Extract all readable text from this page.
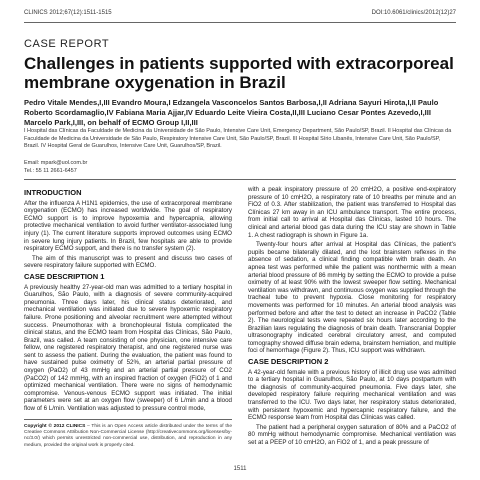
CLINICS 2012;67(12):1511-1515	DOI:10.6061/clinics/2012(12)27
CASE REPORT
Challenges in patients supported with extracorporeal membrane oxygenation in Brazil

Pedro Vitale Mendes,I,III Evandro Moura,I Edzangela Vasconcelos Santos Barbosa,I,II Adriana Sayuri Hirota,I,II Paulo Roberto Scordamaglio,IV Fabiana Maria Ajjar,IV Eduardo Leite Vieira Costa,II,III Luciano Cesar Pontes Azevedo,I,III Marcelo Park,I,III, on behalf of ECMO Group I,II,III

I Hospital das Clínicas da Faculdade de Medicina da Universidade de São Paulo, Intensive Care Unit, Emergency Department, São Paulo/SP, Brazil. II Hospital das Clínicas da Faculdade de Medicina da Universidade de São Paulo, Respiratory Intensive Care Unit, São Paulo/SP, Brazil. III Hospital Sírio Libanês, Intensive Care Unit, São Paulo/SP, Brazil. IV Hospital Geral de Guarulhos, Intensive Care Unit, Guarulhos/SP, Brazil.

Email: mpark@uol.com.br
Tel.: 55 11 2661-6457
INTRODUCTION

After the influenza A H1N1 epidemics, the use of extracorporeal membrane oxygenation (ECMO) has increased worldwide. The goal of respiratory ECMO support is to improve hypoxemia and hypercapnia, allowing protective mechanical ventilation to avoid further ventilator-associated lung injury (1). The current literature supports improved outcomes using ECMO in severe lung injury patients. In Brazil, few hospitals are able to provide respiratory ECMO support, and there is no transfer system (2).

The aim of this manuscript was to present and discuss two cases of severe respiratory failure supported with ECMO.

CASE DESCRIPTION 1

A previously healthy 27-year-old man was admitted to a tertiary hospital in Guarulhos, São Paulo, with a diagnosis of severe community-acquired pneumonia. Three days later, his clinical status deteriorated, and mechanical ventilation was initiated due to severe hypoxemic respiratory failure. Prone positioning and alveolar recruitment were attempted without success. Pneumothorax with a bronchopleural fistula complicated the clinical status, and the ECMO team from Hospital das Clínicas, São Paulo, Brazil, was called. A team consisting of one physician, one intensive care fellow, one registered respiratory therapist, and one registered nurse was sent to assess the patient. During the evaluation, the patient was found to have sustained pulse oximetry of 52%, an arterial partial pressure of oxygen (PaO2) of 43 mmHg and an arterial partial pressure of CO2 (PaCO2) of 142 mmHg, with an inspired fraction of oxygen (FiO2) of 1 and optimized mechanical ventilation. There were no signs of hemodynamic compromise. Venous-venous ECMO support was initiated. The initial parameters were set at an oxygen flow (sweeper) of 6 L/min and a blood flow of 6 L/min. Ventilation was adjusted to pressure control mode,

with a peak inspiratory pressure of 20 cmH2O, a positive end-expiratory pressure of 10 cmH2O, a respiratory rate of 10 breaths per minute and an FiO2 of 0.3. After stabilization, the patient was transferred to Hospital das Clínicas 27 km away in an ICU ambulance transport. The entire process, from initial call to arrival at Hospital das Clínicas, lasted 10 hours. The clinical and arterial blood gas data during the ICU stay are shown in Table 1. A chest radiograph is shown in Figure 1a.

Twenty-four hours after arrival at Hospital das Clínicas, the patient's pupils became bilaterally dilated, and the lost brainstem reflexes in the absence of sedation, a clinical finding compatible with brain death. An apnea test was performed while the patient was nonthermic with a mean arterial blood pressure of 86 mmHg by setting the ECMO to provide a pulse oximetry of at least 90% with the lowest sweeper flow setting. Mechanical ventilation was withdrawn, and continuous oxygen was supplied through the tracheal tube to prevent hypoxia. Close monitoring for respiratory movements was performed for 10 minutes. An arterial blood analysis was performed before and after the test to detect an increase in PaCO2 (Table 2). The neurological tests were repeated six hours later according to the Brazilian laws regulating the diagnosis of brain death. Transcranial Doppler ultrasonography indicated cerebral circulatory arrest, and computed tomography showed diffuse brain edema, brainstem herniation, and multiple foci of hemorrhage (Figure 2). Thus, ICU support was withdrawn.

CASE DESCRIPTION 2

A 42-year-old female with a previous history of illicit drug use was admitted to a tertiary hospital in Guarulhos, São Paulo, at 10 days postpartum with the diagnosis of community-acquired pneumonia. Five days later, she developed respiratory failure requiring mechanical ventilation and was transferred to the ICU. Two days later, her respiratory status deteriorated, with persistent hypoxemic and hypercapnic respiratory failure, and the ECMO response team from Hospital das Clínicas was called.

The patient had a peripheral oxygen saturation of 80% and a PaCO2 of 80 mmHg without hemodynamic compromise. Mechanical ventilation was set at a PEEP of 10 cmH2O, an FiO2 of 1, and a peak pressure of

Copyright © 2012 CLINICS – This is an Open Access article distributed under the terms of the Creative Commons Attribution Non-Commercial License (http://creativecommons.org/licenses/by-nc/3.0/) which permits unrestricted non-commercial use, distribution, and reproduction in any medium, provided the original work is properly cited.

1511
